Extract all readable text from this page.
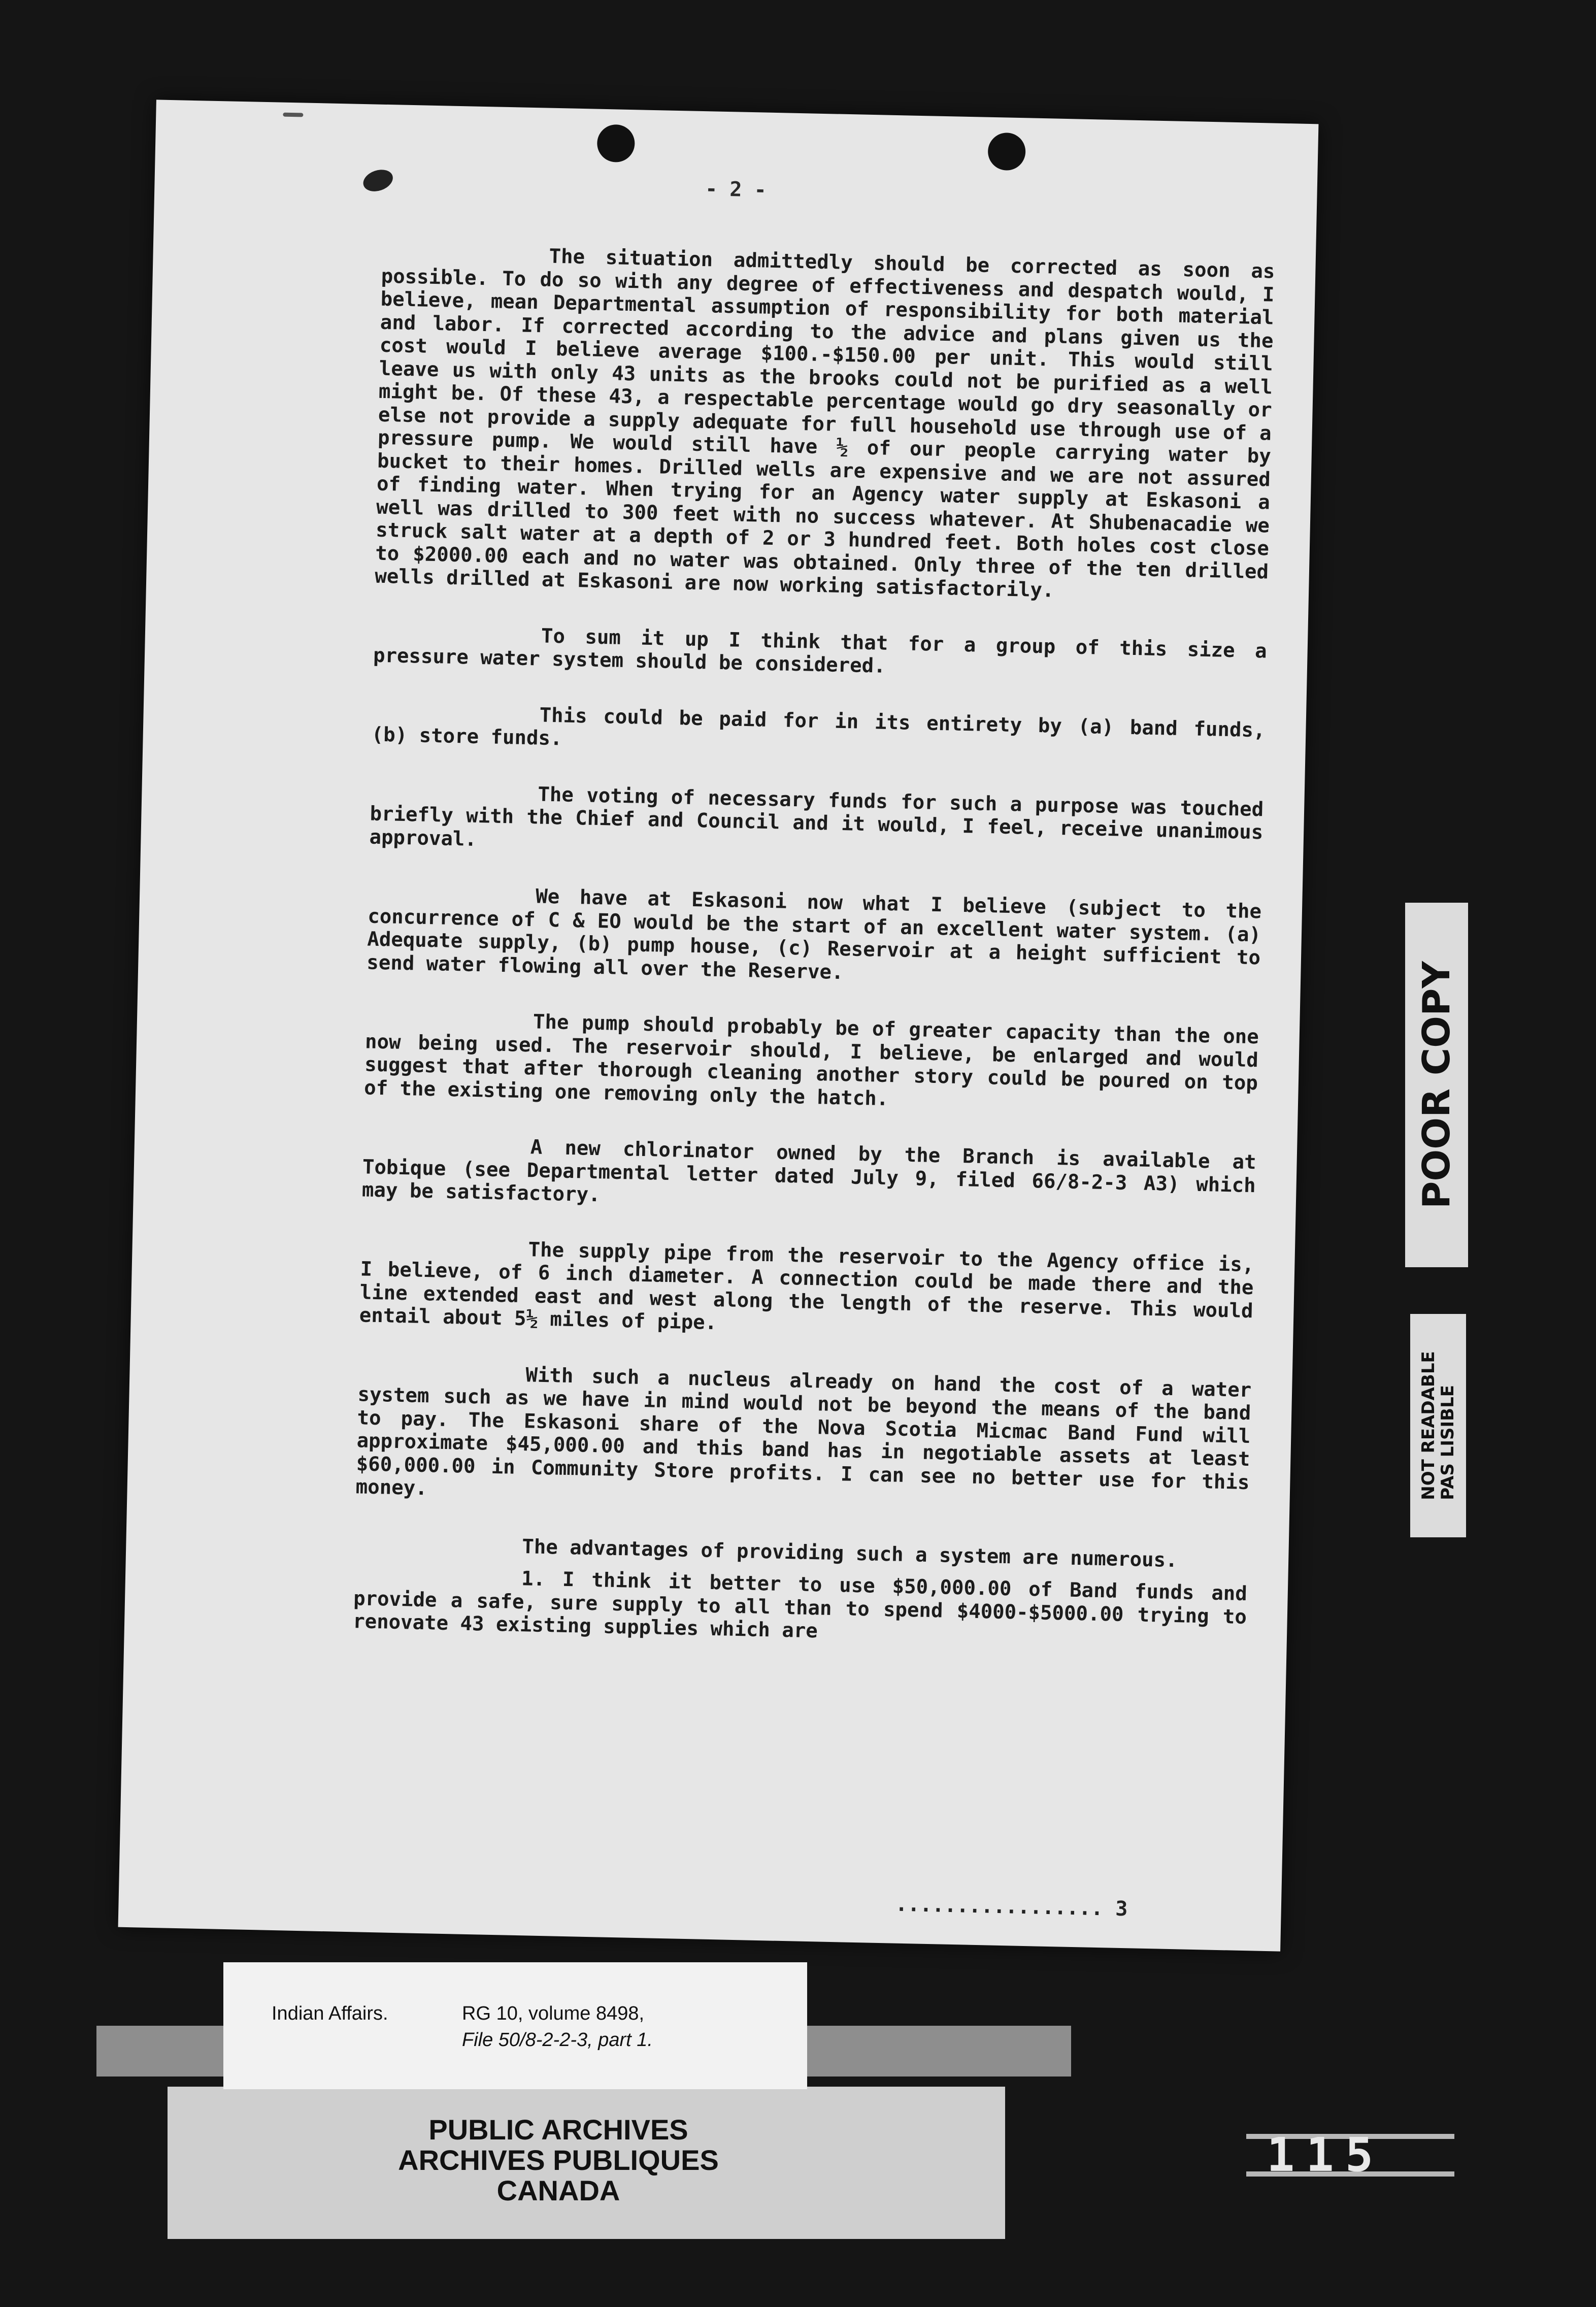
- 2 -

The situation admittedly should be corrected as soon as possible. To do so with any degree of effectiveness and despatch would, I believe, mean Departmental assumption of responsibility for both material and labor. If corrected according to the advice and plans given us the cost would I believe average $100.-$150.00 per unit. This would still leave us with only 43 units as the brooks could not be purified as a well might be. Of these 43, a respectable percentage would go dry seasonally or else not provide a supply adequate for full household use through use of a pressure pump. We would still have ½ of our people carrying water by bucket to their homes. Drilled wells are expensive and we are not assured of finding water. When trying for an Agency water supply at Eskasoni a well was drilled to 300 feet with no success whatever. At Shubenacadie we struck salt water at a depth of 2 or 3 hundred feet. Both holes cost close to $2000.00 each and no water was obtained. Only three of the ten drilled wells drilled at Eskasoni are now working satisfactorily.

To sum it up I think that for a group of this size a pressure water system should be considered.

This could be paid for in its entirety by (a) band funds, (b) store funds.

The voting of necessary funds for such a purpose was touched briefly with the Chief and Council and it would, I feel, receive unanimous approval.

We have at Eskasoni now what I believe (subject to the concurrence of C & EO would be the start of an excellent water system. (a) Adequate supply, (b) pump house, (c) Reservoir at a height sufficient to send water flowing all over the Reserve.

The pump should probably be of greater capacity than the one now being used. The reservoir should, I believe, be enlarged and would suggest that after thorough cleaning another story could be poured on top of the existing one removing only the hatch.

A new chlorinator owned by the Branch is available at Tobique (see Departmental letter dated July 9, filed 66/8-2-3 A3) which may be satisfactory.

The supply pipe from the reservoir to the Agency office is, I believe, of 6 inch diameter. A connection could be made there and the line extended east and west along the length of the reserve. This would entail about 5½ miles of pipe.

With such a nucleus already on hand the cost of a water system such as we have in mind would not be beyond the means of the band to pay. The Eskasoni share of the Nova Scotia Micmac Band Fund will approximate $45,000.00 and this band has in negotiable assets at least $60,000.00 in Community Store profits. I can see no better use for this money.

The advantages of providing such a system are numerous.

1. I think it better to use $50,000.00 of Band funds and provide a safe, sure supply to all than to spend $4000-$5000.00 trying to renovate 43 existing supplies which are

................. 3
POOR COPY
NOT READABLE
PAS LISIBLE
Indian Affairs.	RG 10, volume 8498,
File 50/8-2-2-3, part 1.
PUBLIC ARCHIVES
ARCHIVES PUBLIQUES
CANADA
115
